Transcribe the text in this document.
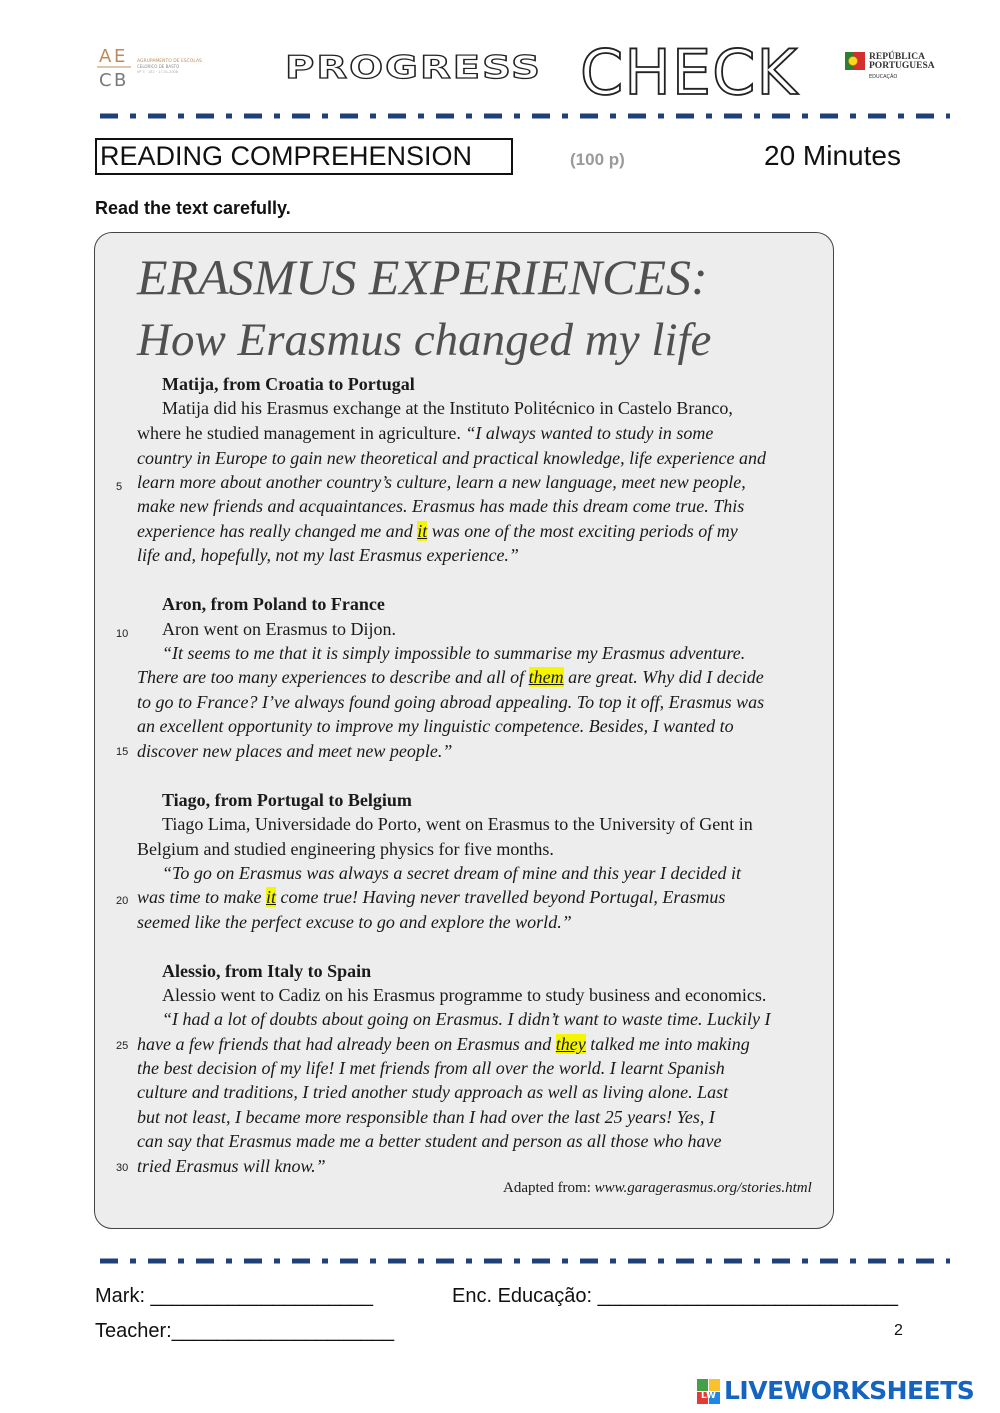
A E
C B
AGRUPAMENTO DE ESCOLAS
CELORICO DE BASTO
Nº 3 · 152 · 17.01.2008	PROGRESS CHECK	REPÚBLICA
PORTUGUESA
EDUCAÇÃO
READING COMPREHENSION	(100 p)	20 Minutes
Read the text carefully.
ERASMUS EXPERIENCES:
How Erasmus changed my life
Matija, from Croatia to Portugal
Matija did his Erasmus exchange at the Instituto Politécnico in Castelo Branco,
where he studied management in agriculture. “I always wanted to study in some
country in Europe to gain new theoretical and practical knowledge, life experience and
learn more about another country’s culture, learn a new language, meet new people,
make new friends and acquaintances. Erasmus has made this dream come true. This
experience has really changed me and it was one of the most exciting periods of my
life and, hopefully, not my last Erasmus experience.”
Aron, from Poland to France
Aron went on Erasmus to Dijon.
“It seems to me that it is simply impossible to summarise my Erasmus adventure.
There are too many experiences to describe and all of them are great. Why did I decide
to go to France? I’ve always found going abroad appealing. To top it off, Erasmus was
an excellent opportunity to improve my linguistic competence. Besides, I wanted to
discover new places and meet new people.”
Tiago, from Portugal to Belgium
Tiago Lima, Universidade do Porto, went on Erasmus to the University of Gent in
Belgium and studied engineering physics for five months.
“To go on Erasmus was always a secret dream of mine and this year I decided it
was time to make it come true! Having never travelled beyond Portugal, Erasmus
seemed like the perfect excuse to go and explore the world.”
Alessio, from Italy to Spain
Alessio went to Cadiz on his Erasmus programme to study business and economics.
“I had a lot of doubts about going on Erasmus. I didn’t want to waste time. Luckily I
have a few friends that had already been on Erasmus and they talked me into making
the best decision of my life! I met friends from all over the world. I learnt Spanish
culture and traditions, I tried another study approach as well as living alone. Last
but not least, I became more responsible than I had over the last 25 years! Yes, I
can say that Erasmus made me a better student and person as all those who have
tried Erasmus will know.”
5
10
15
20
25
30
Adapted from: www.garagerasmus.org/stories.html
Mark: ____________________	Enc. Educação: ___________________________
Teacher:____________________	2
LW LIVEWORKSHEETS
